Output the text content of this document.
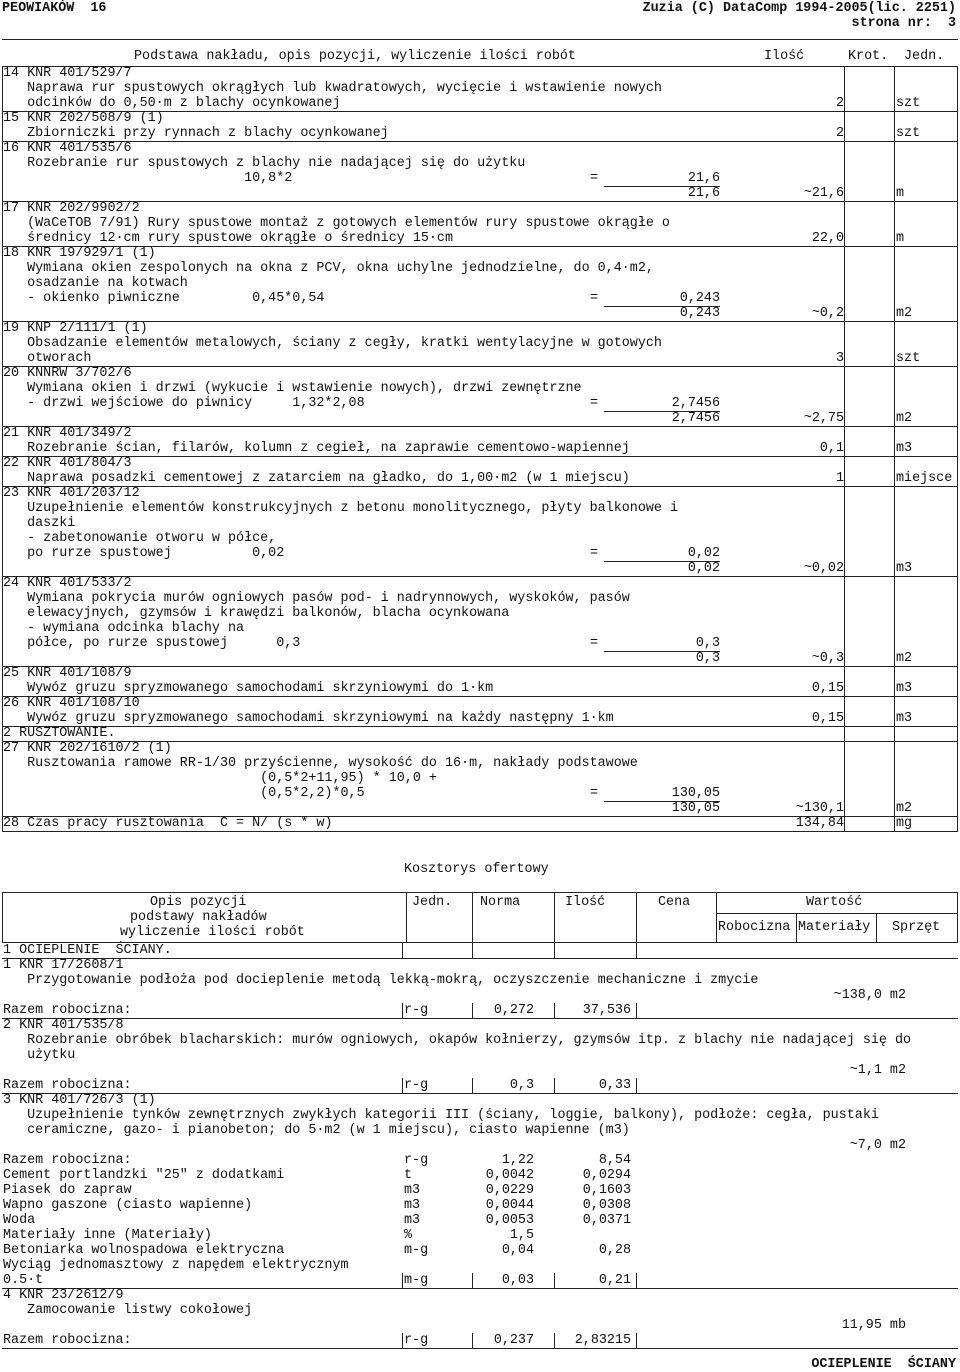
PEOWIAKÓW  16	Zuzia (C) DataComp 1994-2005(lic. 2251)
strona nr:  3
Podstawa nakładu, opis pozycji, wyliczenie ilości robót	Ilość	Krot. Jedn.
14 KNR 401/529/7
Naprawa rur spustowych okrągłych lub kwadratowych, wycięcie i wstawienie nowych
odcinków do 0,50·m z blachy ocynkowanej	2	szt
15 KNR 202/508/9 (1)
Zbiorniczki przy rynnach z blachy ocynkowanej	2	szt
16 KNR 401/535/6
Rozebranie rur spustowych z blachy nie nadającej się do użytku
10,8*2	=	21,6
21,6	~21,6	m
17 KNR 202/9902/2
(WaCeTOB 7/91) Rury spustowe montaż z gotowych elementów rury spustowe okrągłe o
średnicy 12·cm rury spustowe okrągłe o średnicy 15·cm	22,0	m
18 KNR 19/929/1 (1)
Wymiana okien zespolonych na okna z PCV, okna uchylne jednodzielne, do 0,4·m2,
osadzanie na kotwach
- okienko piwniczne         0,45*0,54	=	0,243
0,243	~0,2	m2
19 KNP 2/111/1 (1)
Obsadzanie elementów metalowych, ściany z cegły, kratki wentylacyjne w gotowych
otworach	3	szt
20 KNNRW 3/702/6
Wymiana okien i drzwi (wykucie i wstawienie nowych), drzwi zewnętrzne
- drzwi wejściowe do piwnicy     1,32*2,08	=	2,7456
2,7456	~2,75	m2
21 KNR 401/349/2
Rozebranie ścian, filarów, kolumn z cegieł, na zaprawie cementowo-wapiennej	0,1	m3
22 KNR 401/804/3
Naprawa posadzki cementowej z zatarciem na gładko, do 1,00·m2 (w 1 miejscu)	1	miejsce
23 KNR 401/203/12
Uzupełnienie elementów konstrukcyjnych z betonu monolitycznego, płyty balkonowe i
daszki
- zabetonowanie otworu w półce,
po rurze spustowej          0,02	=	0,02
0,02	~0,02	m3
24 KNR 401/533/2
Wymiana pokrycia murów ogniowych pasów pod- i nadrynnowych, wyskoków, pasów
elewacyjnych, gzymsów i krawędzi balkonów, blacha ocynkowana
- wymiana odcinka blachy na
półce, po rurze spustowej      0,3	=	0,3
0,3	~0,3	m2
25 KNR 401/108/9
Wywóz gruzu spryzmowanego samochodami skrzyniowymi do 1·km	0,15	m3
26 KNR 401/108/10
Wywóz gruzu spryzmowanego samochodami skrzyniowymi na każdy następny 1·km	0,15	m3
2 RUSZTOWANIE.
27 KNR 202/1610/2 (1)
Rusztowania ramowe RR-1/30 przyścienne, wysokość do 16·m, nakłady podstawowe
(0,5*2+11,95) * 10,0 +
(0,5*2,2)*0,5	=	130,05
130,05	~130,1	m2
28 Czas pracy rusztowania  C = N/ (s * w)	134,84	mg
Kosztorys ofertowy
Opis pozycji
podstawy nakładów
wyliczenie ilości robót
Jedn. Norma	Ilość	Cena	Wartość
Robocizna Materiały Sprzęt
1 OCIEPLENIE  ŚCIANY.
1 KNR 17/2608/1
Przygotowanie podłoża pod docieplenie metodą lekką-mokrą, oczyszczenie mechaniczne i zmycie
~138,0 m2
Razem robocizna:	r-g	0,272	37,536
2 KNR 401/535/8
Rozebranie obróbek blacharskich: murów ogniowych, okapów kołnierzy, gzymsów itp. z blachy nie nadającej się do
użytku
~1,1 m2
Razem robocizna:	r-g	0,3	0,33
3 KNR 401/726/3 (1)
Uzupełnienie tynków zewnętrznych zwykłych kategorii III (ściany, loggie, balkony), podłoże: cegła, pustaki
ceramiczne, gazo- i pianobeton; do 5·m2 (w 1 miejscu), ciasto wapienne (m3)
~7,0 m2
Razem robocizna:	r-g	1,22	8,54
Cement portlandzki "25" z dodatkami	t	0,0042	0,0294
Piasek do zapraw	m3	0,0229	0,1603
Wapno gaszone (ciasto wapienne)	m3	0,0044	0,0308
Woda	m3	0,0053	0,0371
Materiały inne (Materiały)	%	1,5
Betoniarka wolnospadowa elektryczna	m-g	0,04	0,28
Wyciąg jednomasztowy z napędem elektrycznym
0.5·t	m-g	0,03	0,21
4 KNR 23/2612/9
Zamocowanie listwy cokołowej
11,95 mb
Razem robocizna:	r-g	0,237	2,83215
OCIEPLENIE  ŚCIANY
